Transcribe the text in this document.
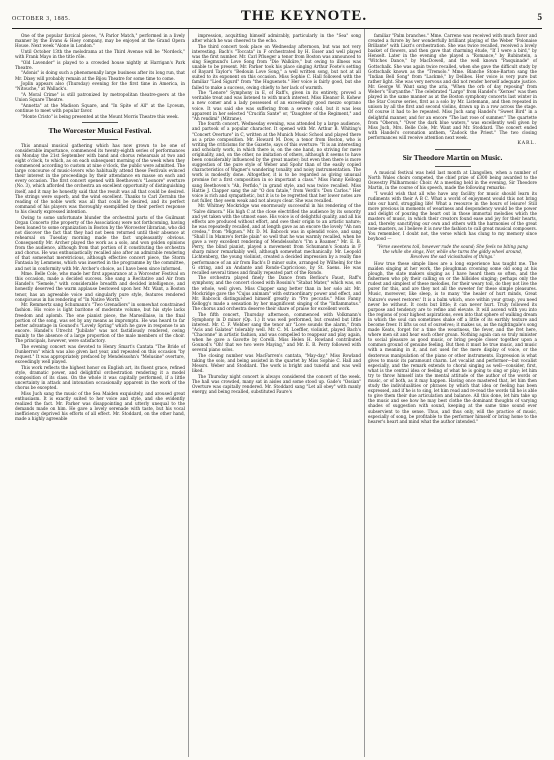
OCTOBER 3, 1885.	THE KEYNOTE.	5

One of the popular farcical pieces, "A Parlor Match," performed in a lively manner by the Evans & Hoey company, may be enjoyed at the Grand Opera House. Next week "Alone in London."

Until October 13th the melodrama at the Third Avenue will be "Nordeck," with Frank Mayo in the title rôle.

"Old Lavender" is played to a crowded house nightly at Harrigan's Park Theatre.

"Adonis" is doing such a phenomenally large business after its long run, that Mr. Dixey will probably remain at the Bijou Theatre for some time to come.

Joplin appears also (Thursday) evening for the first time in America, in "Nitouche," at Wallack's.

"A Moral Crime" is still patronized by metropolitan theatre-goers at the Union Square Theatre.

"Annetta" at the Madison Square, and "In Spite of All" at the Lyceum, continue to meet with popular favor.

"Monte Cristo" is being presented at the Mount Morris Theatre this week.

The Worcester Musical Festival.

This annual musical gathering which has now grown to be one of considerable importance, commenced its twenty-eighth series of performances on Monday the 21st September with band and chorus rehearsals at two and eight o'clock, to which, as on each subsequent morning of the week when they commenced according to custom at nine o'clock, the public were admitted. The large concourse of music-lovers who habitually attend these Festivals evinced their interest in the proceedings by their attendance en masse on each and every occasion. The first concert opened with Beethoven's "Leonore" overture (No. 3), which afforded the orchestra an excellent opportunity of distinguishing itself, and it may be honestly said that the result was all that could be desired. The strings were superb, and the wind excellent. Thanks to Carl Zerrahn the reading of the noble work was all that could be desired, and its perfect command of his players was thoroughly exemplified by their perfect response to his clearly expressed intention.

Owing to some unfortunate blunder the orchestral parts of the Guilmant Organ Concerto (the property of the Association) were not forthcoming, having been loaned to some organization in Boston by the Worcester librarian, who did not discover the fact that they had not been returned until their absence at rehearsal on Tuesday morning made the fact unpleasantly obvious. Consequently Mr. Archer played the work as a solo, and won golden opinions from the audience, although from that portion of it constituting the orchestra and chorus. He was enthusiastically recalled also after an admirable rendering of that somewhat meretricious, although effective concert piece, the Storm Fantasia by Lemmens, which was inserted in the programme by the committee, and not in conformity with Mr. Archer's choice, as I have been since informed.

Mme. Belle Cole, who made her first appearance at a Worcester Festival on this occasion, made a decided success. She sang a Recitative and Air from Handel's "Semele," with considerable breadth and decided intelligence, and honestly deserved the warm applause bestowed upon her. Mr. Want, a Boston tenor, has an agreeable voice and singularly pure style, features rendered conspicuous in his rendering of "In Native Worth."

Mr. Remmertz sang Schumann's "Two Grenadiers" in somewhat constrained fashion. His voice is light baritone of moderate volume, but his style lacks freedom and aplomb. The one pianist piece, the Marseillaise, in the final portion of the song, was set by any means as impromptu. He was heard to far better advantage in Gounod's "Lovely Spring" which he gave in response to an encore. Handel's Utrecht "Jubilate" was not fastidiously rendered, owing mainly to the absence of a large proportion of the male members of the choir. The principals, however, were satisfactory.

The evening concert was devoted to Henry Smart's Cantata "The Bride of Dunkerron" which was also given last year, and repeated on this occasion "by request." It was appropriately prefaced by Mendelssohn's "Melusine" overture, exceedingly well played.

This work reflects the highest honor on English art, its fluent grace, refined style, dramatic power, and delightful orchestration rendering it a model composition of its class. On the whole it was capitally performed, if a little uncertainty in attack and intonation occasionally apparent in the work of the chorus be excepted.

Miss Juch sang the music of the Sea Maiden exquisitely, and aroused great enthusiasm. It is exactly suited to her voice and style, and she evidently realized the fact. Mr. Parker was disappointing and utterly unequal to the demands made on him. He gave a lovely serenade with taste, but his vocal inefficiency deprived his efforts of all effect. Mr. Stoddard, on the other hand, made a highly agreeable

impression, acquitting himself admirably, particularly in the "Sea" song after which he was cheered to the echo.

The third concert took place on Wednesday afternoon, but was not very interesting. Bach's "Toccata" in F orchestrated by H. Esser and well played was the first number. Mr. Carl Pflueger a tenor from Boston was announced to sing Siegmund's Love Song from "Die Walküre," but owing to illness was unable to be present. Mr. Parker took his place singing Arthur Foote's setting of Bayard Taylor's "Bedouin Love Song," a well written song, but not at all suited to its exponent on this occasion. Miss Sophie C. Hall followed with the familiar "Lied Sigurd" from "the Huguenots." Her voice is fairly good, but she failed to make a success, owing chiefly to her lack of warmth.

The "Lenore" Symphony in E, of Raff's, given in its entirety, proved a veritable treat and was listened to with much interest. Miss Eleanor B. Kohew a new comer and a lady possessed of an exceedingly good mezzo soprano voice. It was said she was suffering from a severe cold, but it was less apparent in her selected "Crucifix Sante" or, "Daughter of the Regiment," and "Ah rendimi" (Mitrane).

The fourth concert, Wednesday evening, was attended by a large audience, and partook of a popular character. It opened with Mr. Arthur B. Whiting's "Concert Overture" in C, written at the Munich Music School and played there as a prize composition. Mr. Howard M. Dow, a tenor from Boston, who is writing the criticisms for the Gazette, says of this overture: "It is an interesting and scholarly work, in which there is, on the one hand, no striving for mere originality, and, on the other, no imitation of others, although it seems to have been considerably influenced by the great master; but even then there is more suggestion of the pure style of Weber and Spohr than of the easily copied characteristics of Wagner's wandering tonality and noisy instrumentation. The work is modestly done. Altogether, it is to be regarded as giving unusual promise for a first composition in so important a class." Miss Fanny Kellogg sang Beethoven's "Ah, Perfido," in grand style, and was twice recalled. Miss Hattie J. Clapper sang the air "O don fatale," from Verdi's "Don Carlos." Her voice is rich and sympathetic, but it is to be regretted that her lower notes are not fuller, they seem weak and not always clear. She was recalled.

Mr. Whitney Mockridge was enormously successful in his rendering of the "Salve dimora." His high C at the close electrified the audience by its sonority and yet taken with the utmost ease. His voice is of delightful quality, and all his effects are produced without effort, and owe their origin to an artistic nature; he was repeatedly recalled, and at length gave as an encore the lovely "Ah non credea," from "Mignon." Mr. D. M. Babcock was in splendid voice, and sang "Shall I in Mamre's fertile plain" so well that he was warmly recalled, when he gave a very excellent rendering of Mendelssohn's "I'm a Roamer." Mr. E. B. Perry, the blind pianist, played a movement from Schumann's Sonata in F sharp minor remarkably well, although somewhat mechanically. Mr. Leopold Lichtenberg, the young violinist, created a decided impression by a really fine performance of an air from Bach's D minor suite, arranged by Wilhelmj for the G string, and an Andante and Rondo-Capriccioso, by St. Saens. He was recalled several times and finally repeated part of the Rondo.

The orchestra played finely the Dance from Berlioz's Faust, Raff's symphony, and the concert closed with Rossini's "Stabat Mater," which was, on the whole, well given. Miss Clapper sang better than in her solo air. Mr. Mockridge gave the "Cujus animam" with extraordinary power and effect, and Mr. Babcock distinguished himself greatly in "Pro peccatis." Miss Fanny Kellogg's made a sensation by her magnificent singing of the "Inflammatus." The chorus and orchestra deserve their share of praise for excellent work.

The fifth concert, Thursday afternoon, commenced with Volkmann's Symphony in D minor (Op. 1.) It was well performed, but created but little interest. Mr. C. F. Webber sang the tenor air "Love sounds the alarm," from "Acis and Galatea" tolerably well. Mr. C. M. Loeffler, violinist, played Bach's "Chaconne" in artistic fashion, and was compelled to reappear and play again, when he gave a Gavotte by Corelli. Miss Helen H. Rowland contributed Gounod's "Oh! that we two were Maying," and Mr. E. B. Perry followed with several piano solos.

The closing number was MacFarren's cantata, "May-day," Miss Rowland taking the solo, and being assisted in the quartet by Miss Sophie C. Hall and Messrs. Weber and Stoddard. The work is bright and tuneful and was well liked.

The Thursday night concert is always considered the concert of the week. The hall was crowded, many sat in aisles and some stood up. Gade's "Ossian" Overture was capitally rendered. Mr. Stoddard sang "Let all obey" with manly energy, and being recalled, substituted Faure's

familiar "Palm branches." Mme. Carreno was received with much favor and created a furore by her wonderfully brilliant playing of the Weber "Polonaise Brillante" with Liszt's orchestration. She was twice recalled, received a lovely basket of flowers, and then gave that charming étude, "If I were a bird," by Henselt. Later in the evening she played a "Romance," by Rubinstein, a "Witches Dance," by MacDowell, and the well known "Pasquinade" of Gottschalk. She was again twice recalled, when she gave the difficult study by Gottschalk known as the "Tremolo." Mme. Blanche Stone-Barton sang the "Indian Bell Song" from "Lackmé," by Delibes. Her voice is very pure but rather light. She was very nervous and did not render herself adequate justice. Mr. George W. Want sang the aria, "When the orb of day reposing" from Weber's "Euryanthe." The celebrated "Largo" from Handel's "Xerxes" was then played in the same manner as at the Boston symphony concerts last winter in the Star Course series, first as a solo by Mr. Listemann, and then repeated in unison by all the first and second violins, drawn up in a row across the stage. Of course it had to be repeated. Miss Juch sang Handel's "Sweet Bird" in a delightful manner, and for an encore "The last rose of summer." The quartette from "Oberon," "Over the dark blue waters," was excellently well given by Miss Juch, Mrs. Belle Cole, Mr. Want and Mr. Stoddard. The concert ended with Handel's coronation anthem, "Zadock the Priest." The two closing performances will receive attention next week.

KARL.

Sir Theodore Martin on Music.

A musical festival was held last month at Llangollen, when a number of North Wales choirs competed, the chief prize of £300 being awarded to the Oswestry Philharmonic Choir. At a meeting held in the evening, Sir Theodore Martin, in the course of his speech, made the following remarks:

"I would wish that all who have any facility for music should learn its rudiments with their A B C. What a world of enjoyment would this not bring into our hard, struggling life! What a resource in the hours of leisure! Still more precious in moments of weariness and despondency would be the power and delight of pouring the heart out in those immortal melodies which the masters of music, in which their creators found ease and joy for their hearts, and, thereby sanctifying our own and others with the harmonies of the great tone-masters, as I believe it is now the fashion to call great musical composers. You remember, I doubt not, the verse which has clung to my memory since boyhood —

'Verse sweetens toil, however rude the sound; She feels no biting pang the while she sings, Nor, while she turns the giddy wheel around, Revolves the sad vicissitudes of things.'

How true these simple lines are a long experience has taught me. The maiden singing at her work, the ploughman crooning some old song at his plough, the slate makers singing as I have heard them so often, and the fishermen who ply their calling on or the hillsides singing; perhaps only the rudest and simplest of these melodies, for their weary toil, do they not live the purer for this, and are they not all the sweeter for these simple pleasures. Music, moreover, like sleep, is to many 'the healer of hurt minds, Great Nature's sweet restorer.' It is a balm which, once within your grasp, you need never be without. It costs but little; it can never hurt. Truly followed its purpose and tendency are to refine and elevate. It will ascend with you into the regions of your highest aspirations, even into that sphere of walking dream in which the soul can sometimes shake off a little of its earthly texture and become freer. It lifts us out of ourselves; it makes us, as the nightingale's song made Keats, forget for a time the weariness, the fever, and the fret here, where men sit and hear each other groan. Nothing again can so truly minister to social pleasure as good music, or bring people closer together upon a common ground of genuine feeling. But then it must be true music, and music with a meaning in it, and not used for the mere display of voice, or the dexterous manipulation of the piano or other instruments. Expression is what gives to music its paramount charm. Let vocalist and performer—but vocalist especially, and the remark extends to choral singing as well—consider, first, what is the central idea or feeling of what he is going to sing or play; let him try to throw himself into the mental attitude of the author of the words or music, or of both, as it may happen. Having once mastered that, let him then study the individualities or phrases by which that idea or feeling has been expressed, and if he is to sing, let him read and re-read the words till he is able to give them their due articulation and balance. All this done, let him take up the music and see how he may best clothe the dominant thoughts of varying shades of suggestion with sound, keeping at the same time sound ever subservient to the sense. Thus, and thus only, will the practice of music, especially of song, be profitable to the performer himself or bring home to the hearer's heart and mind what the author intended."
